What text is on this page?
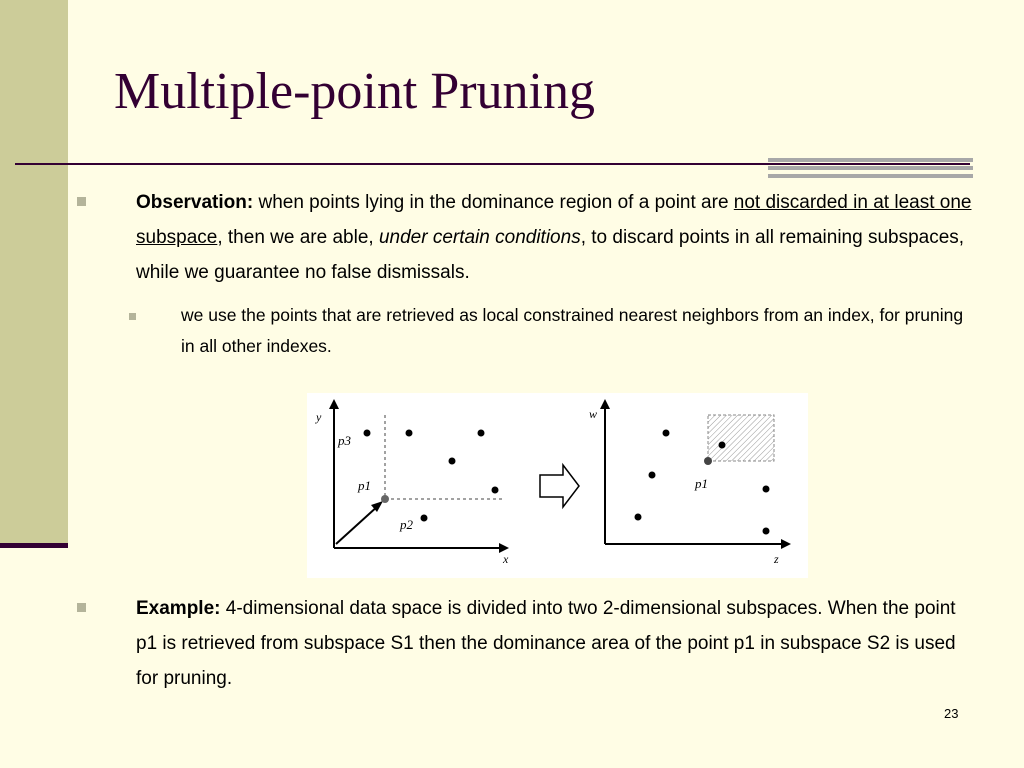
Multiple-point Pruning
Observation: when points lying in the dominance region of a point are not discarded in at least one subspace, then we are able, under certain conditions, to discard points in all remaining subspaces, while we guarantee no false dismissals.
we use the points that are retrieved as local constrained nearest neighbors from an index, for pruning in all other indexes.
y
x
p3
p1
p2
w
z
p1
Example: 4-dimensional data space is divided into two 2-dimensional subspaces. When the point p1 is retrieved from subspace S1 then the dominance area of the point p1 in subspace S2 is used for pruning.
23
